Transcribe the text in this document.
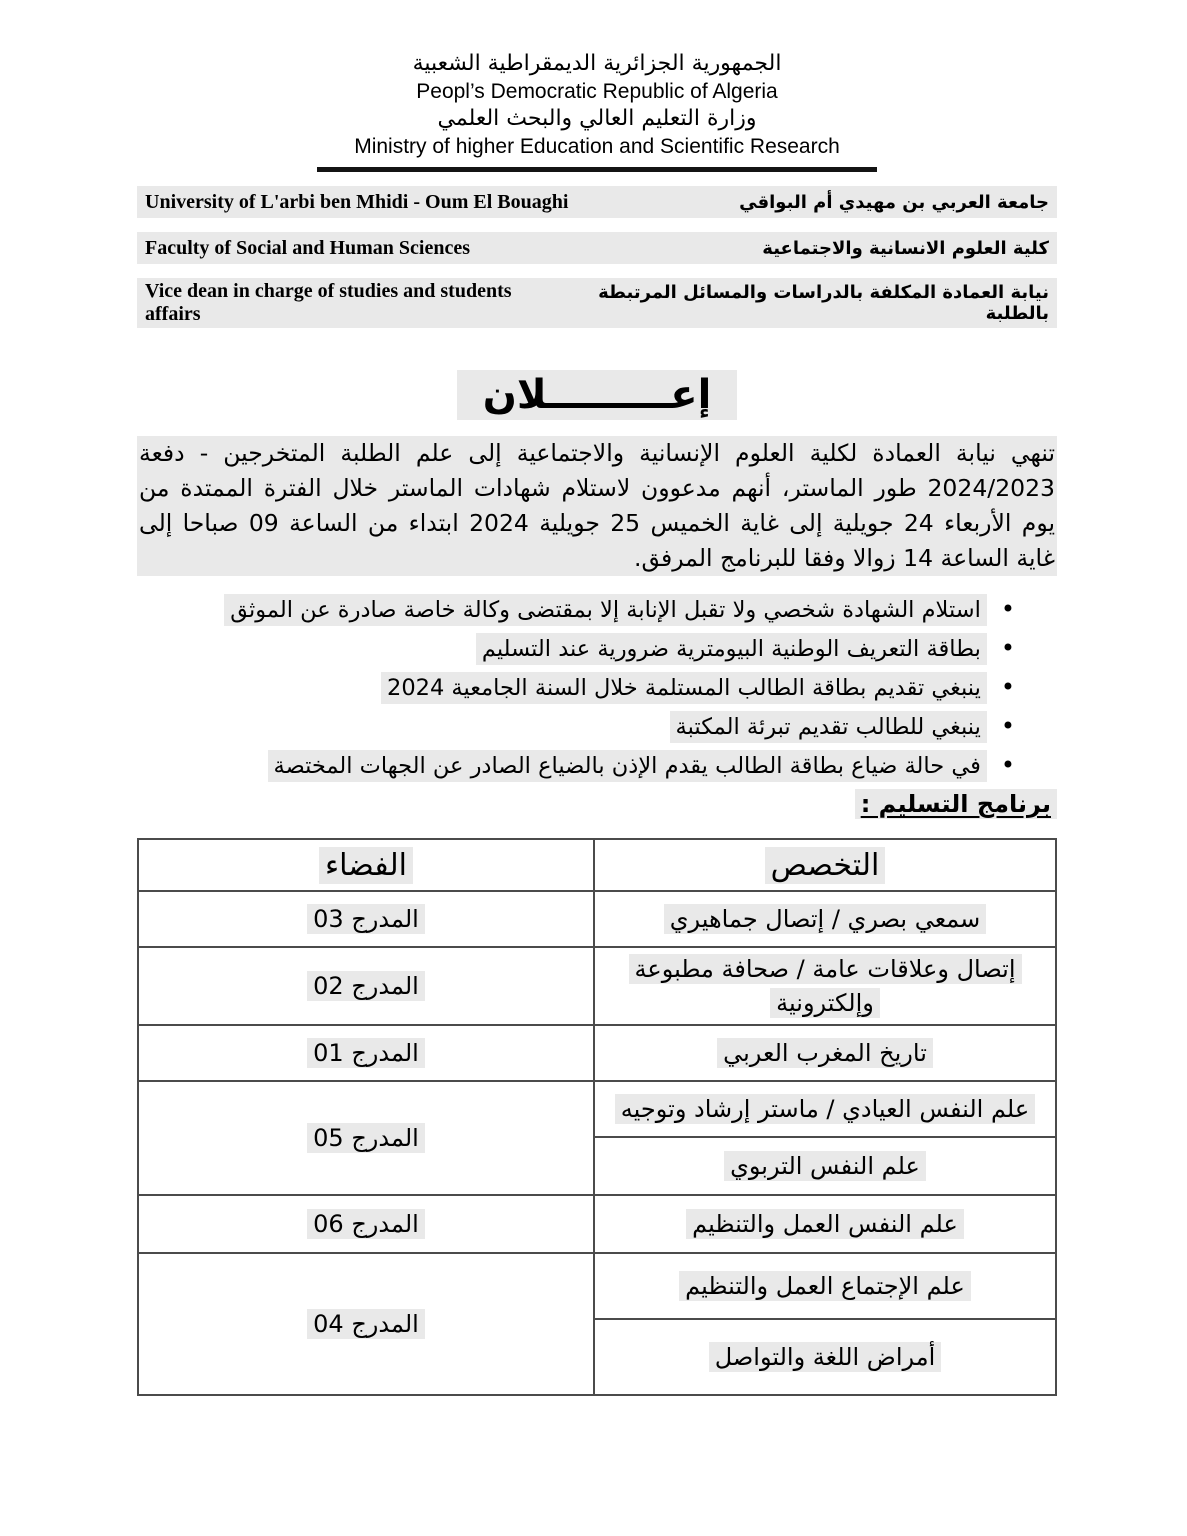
الجمهورية الجزائرية الديمقراطية الشعبية
Peopl’s Democratic Republic of Algeria
وزارة التعليم العالي والبحث العلمي
Ministry of higher Education and Scientific Research
University of L'arbi ben Mhidi - Oum El Bouaghi	جامعة العربي بن مهيدي أم البواقي
Faculty of Social and Human Sciences	كلية العلوم الانسانية والاجتماعية
Vice dean in charge of studies and students affairs
نيابة العمادة المكلفة بالدراسات والمسائل المرتبطة بالطلبة
إعـــــــــلان

تنهي نيابة العمادة لكلية العلوم الإنسانية والاجتماعية إلى علم الطلبة المتخرجين - دفعة 2024/2023 طور الماستر، أنهم مدعوون لاستلام شهادات الماستر خلال الفترة الممتدة من يوم الأربعاء 24 جويلية إلى غاية الخميس 25 جويلية 2024 ابتداء من الساعة 09 صباحا إلى غاية الساعة 14 زوالا وفقا للبرنامج المرفق.

•
استلام الشهادة شخصي ولا تقبل الإنابة إلا بمقتضى وكالة خاصة صادرة عن الموثق
•
بطاقة التعريف الوطنية البيومترية ضرورية عند التسليم
•
ينبغي تقديم بطاقة الطالب المستلمة خلال السنة الجامعية 2024
•
ينبغي للطالب تقديم تبرئة المكتبة
•
في حالة ضياع بطاقة الطالب يقدم الإذن بالضياع الصادر عن الجهات المختصة
برنامج التسليم :
التخصص	الفضاء
سمعي بصري / إتصال جماهيري	المدرج 03
إتصال وعلاقات عامة / صحافة مطبوعة وإلكترونية	المدرج 02
تاريخ المغرب العربي	المدرج 01
علم النفس العيادي / ماستر إرشاد وتوجيه	المدرج 05
علم النفس التربوي	
علم النفس العمل والتنظيم	المدرج 06
علم الإجتماع العمل والتنظيم	المدرج 04
أمراض اللغة والتواصل	
